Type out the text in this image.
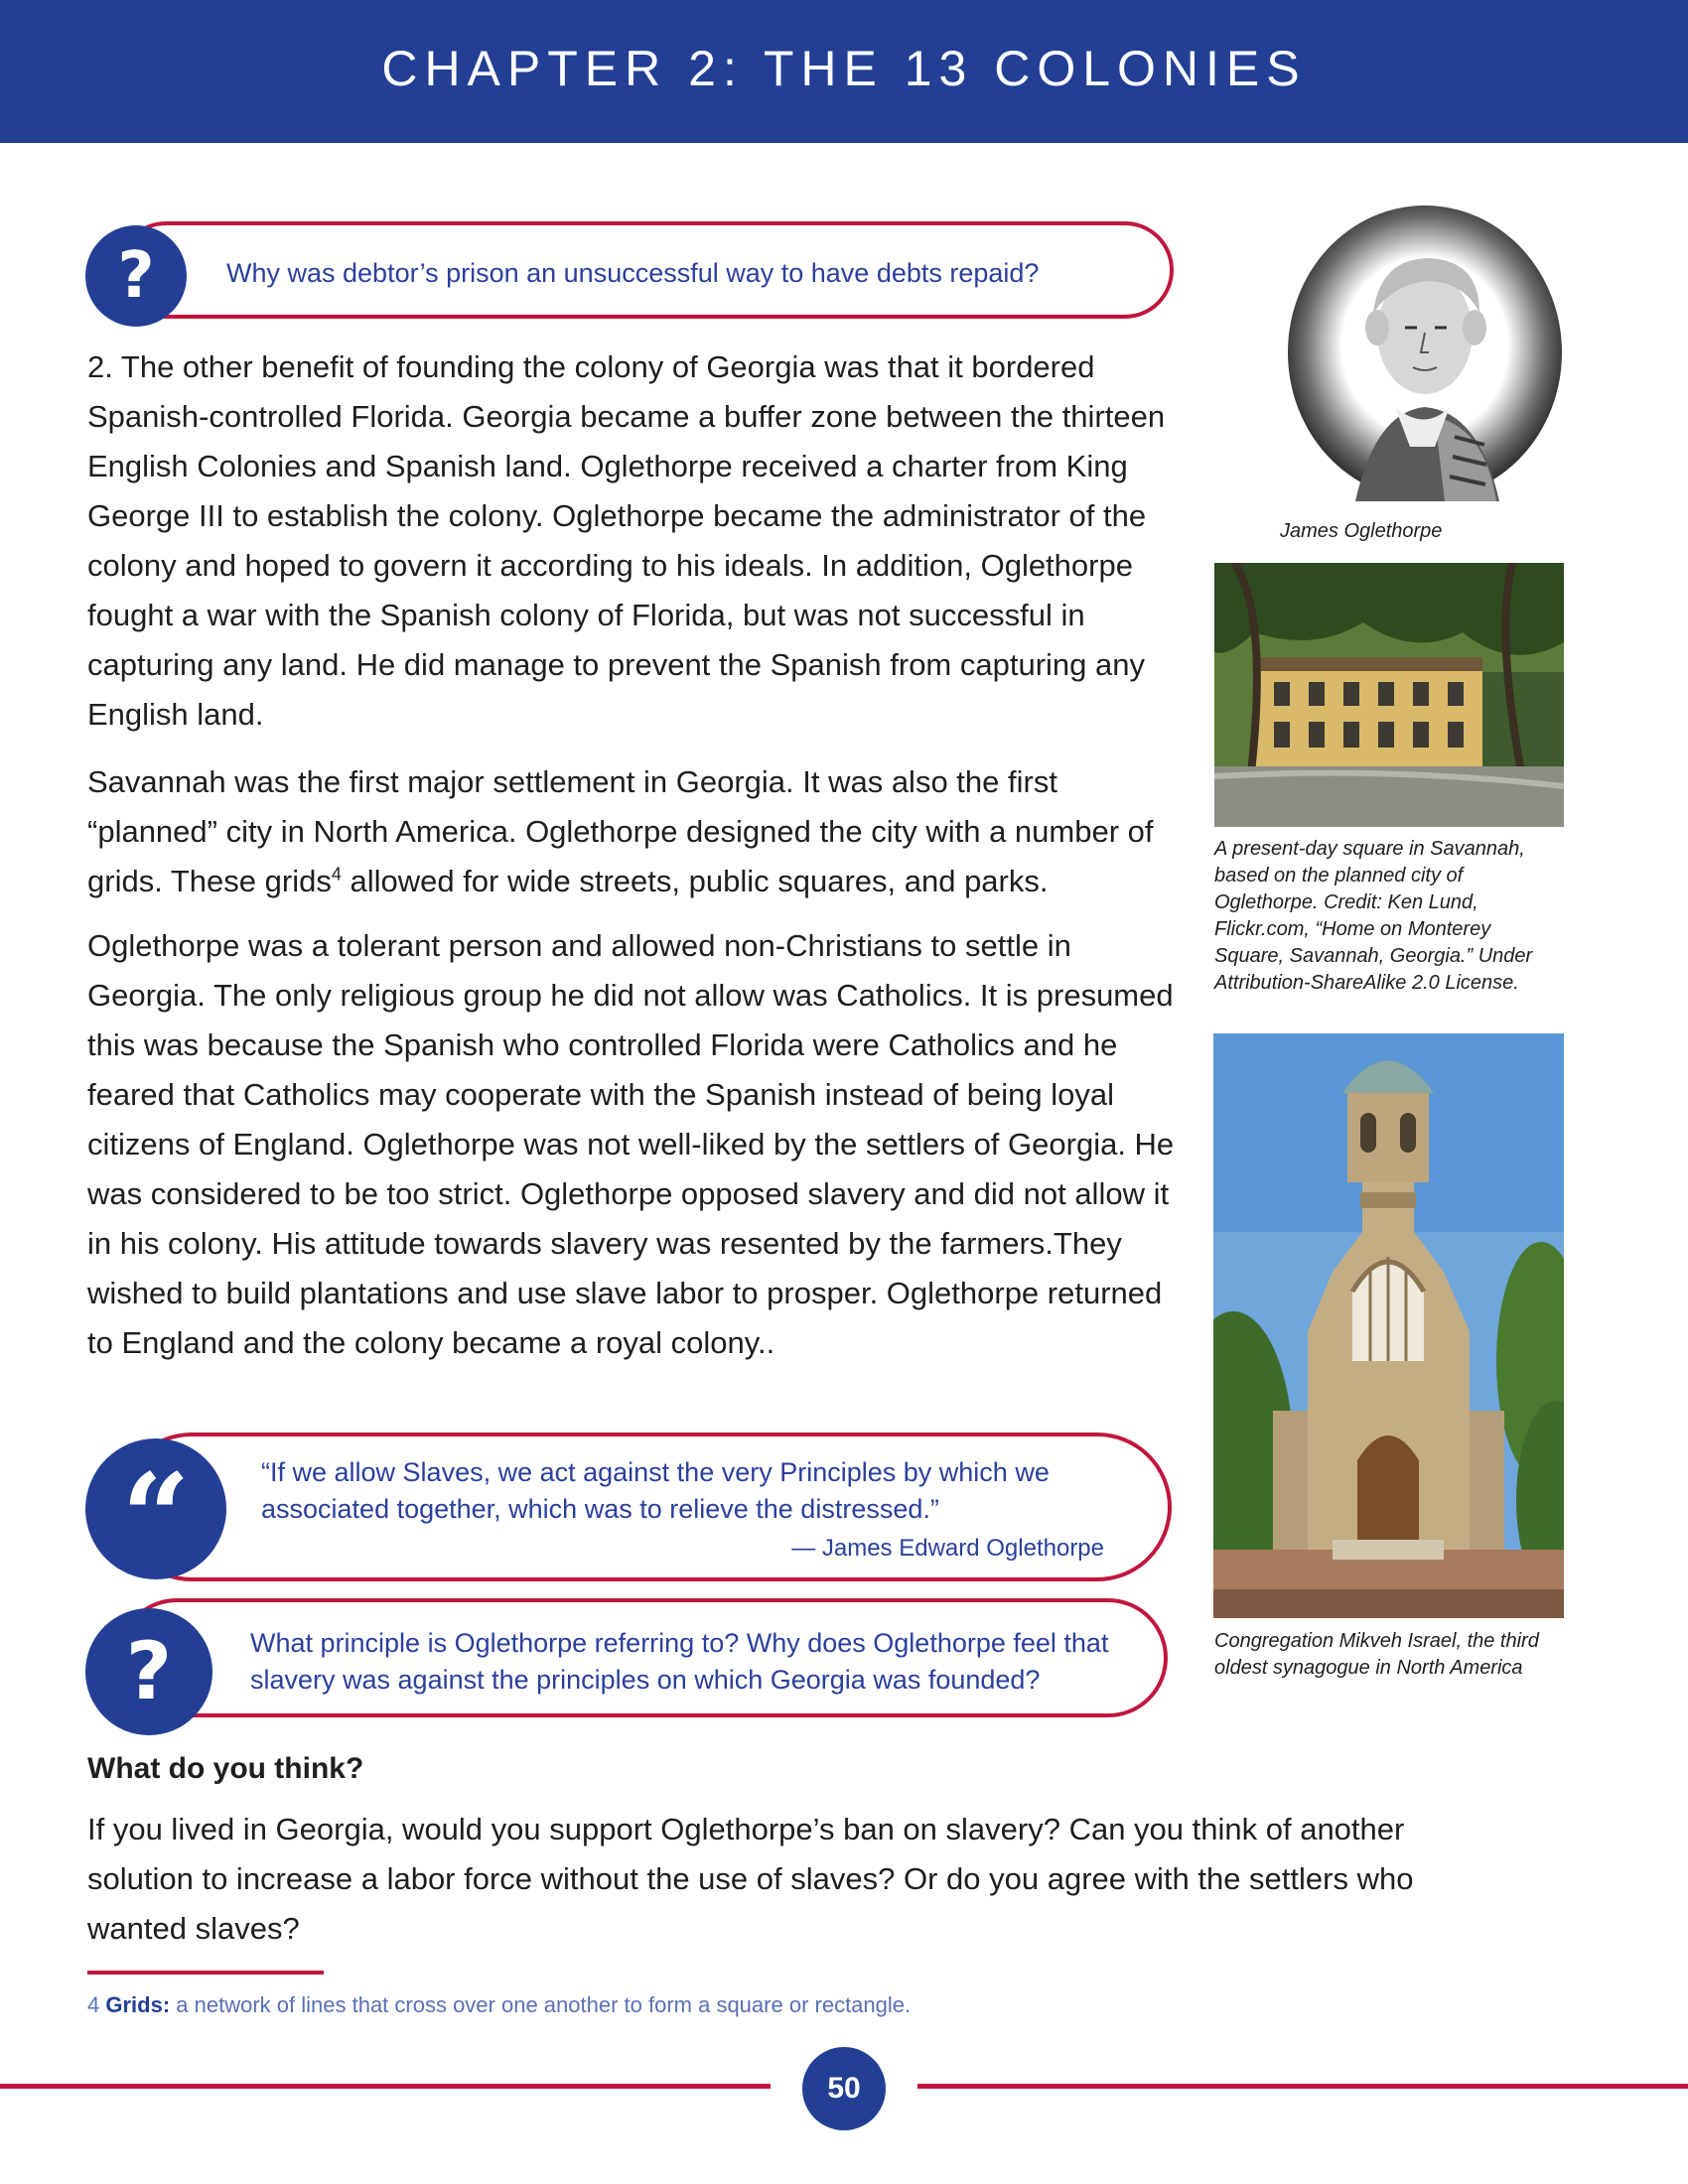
CHAPTER 2: THE 13 COLONIES
?	Why was debtor’s prison an unsuccessful way to have debts repaid?

2. The other benefit of founding the colony of Georgia was that it bordered Spanish-controlled Florida. Georgia became a buffer zone between the thirteen English Colonies and Spanish land. Oglethorpe received a charter from King George III to establish the colony. Oglethorpe became the administrator of the colony and hoped to govern it according to his ideals. In addition, Oglethorpe fought a war with the Spanish colony of Florida, but was not successful in capturing any land. He did manage to prevent the Spanish from capturing any English land.

Savannah was the first major settlement in Georgia. It was also the first “planned” city in North America. Oglethorpe designed the city with a number of grids. These grids$^4$ allowed for wide streets, public squares, and parks.

Oglethorpe was a tolerant person and allowed non-Christians to settle in Georgia. The only religious group he did not allow was Catholics. It is presumed this was because the Spanish who controlled Florida were Catholics and he feared that Catholics may cooperate with the Spanish instead of being loyal citizens of England. Oglethorpe was not well-liked by the settlers of Georgia. He was considered to be too strict. Oglethorpe opposed slavery and did not allow it in his colony. His attitude towards slavery was resented by the farmers.They wished to build plantations and use slave labor to prosper. Oglethorpe returned to England and the colony became a royal colony..

“	“If we allow Slaves, we act against the very Principles by which we associated together, which was to relieve the distressed.”
— James Edward Oglethorpe
?	What principle is Oglethorpe referring to? Why does Oglethorpe feel that slavery was against the principles on which Georgia was founded?
What do you think?
If you lived in Georgia, would you support Oglethorpe’s ban on slavery? Can you think of another solution to increase a labor force without the use of slaves? Or do you agree with the settlers who wanted slaves?
James Oglethorpe
A present-day square in Savannah, based on the planned city of Oglethorpe. Credit: Ken Lund, Flickr.com, “Home on Monterey Square, Savannah, Georgia.” Under Attribution-ShareAlike 2.0 License.
Congregation Mikveh Israel, the third oldest synagogue in North America
4 Grids: a network of lines that cross over one another to form a square or rectangle.
50
